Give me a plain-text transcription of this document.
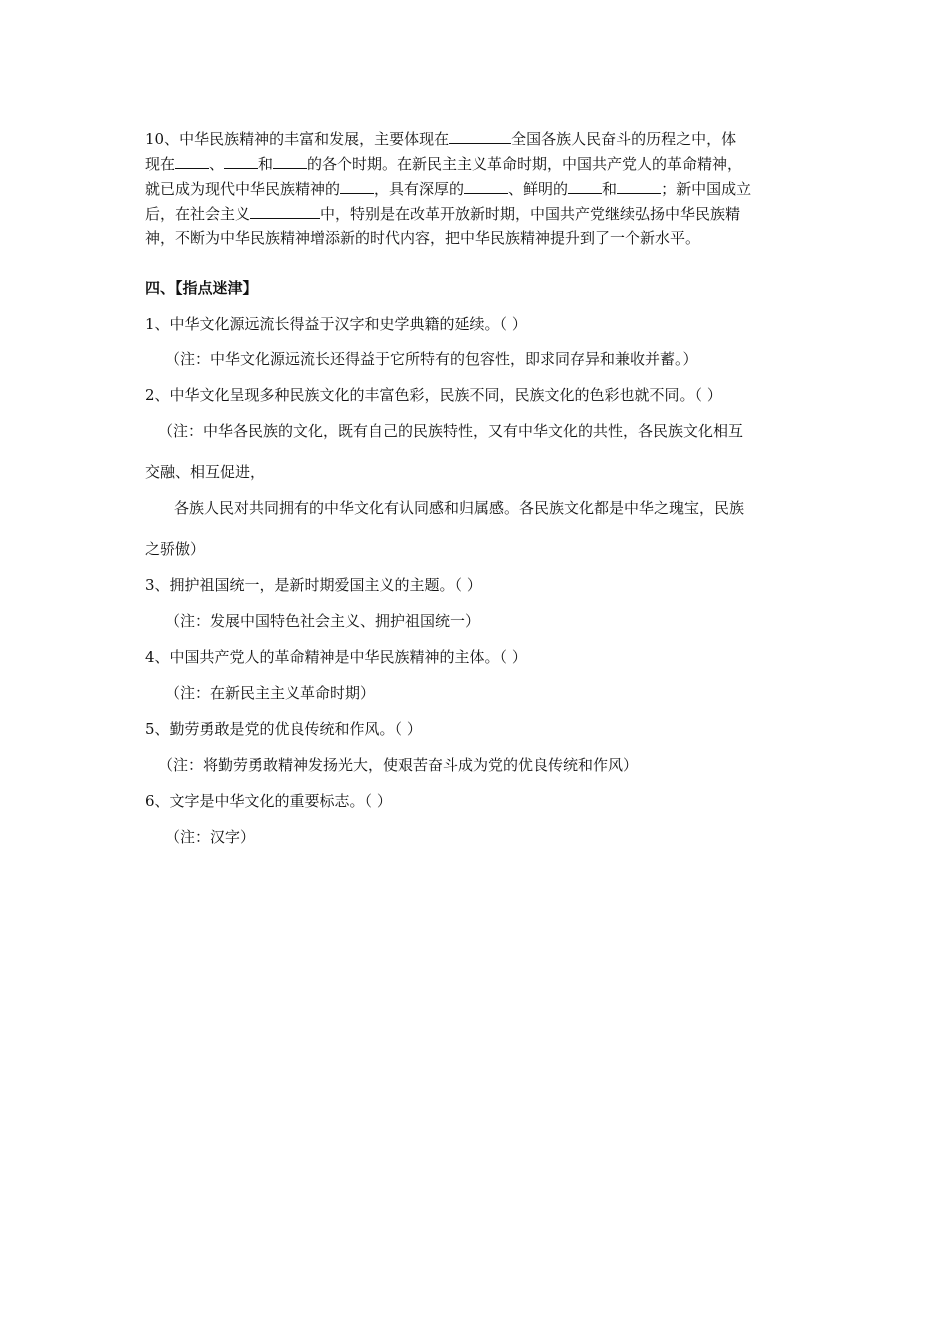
10、中华民族精神的丰富和发展，主要体现在	全国各族人民奋斗的历程之中，体
现在 、 和 的各个时期。在新民主主义革命时期，中国共产党人的革命精神，
就已成为现代中华民族精神的 ，具有深厚的	、鲜明的 和	；新中国成立
后，在社会主义	中，特别是在改革开放新时期，中国共产党继续弘扬中华民族精
神，不断为中华民族精神增添新的时代内容，把中华民族精神提升到了一个新水平。
四、【指点迷津】
1、中华文化源远流长得益于汉字和史学典籍的延续。（ ）
（注：中华文化源远流长还得益于它所特有的包容性，即求同存异和兼收并蓄。）
2、中华文化呈现多种民族文化的丰富色彩，民族不同，民族文化的色彩也就不同。（ ）
（注：中华各民族的文化，既有自己的民族特性，又有中华文化的共性，各民族文化相互
交融、相互促进，
各族人民对共同拥有的中华文化有认同感和归属感。各民族文化都是中华之瑰宝，民族
之骄傲）
3、拥护祖国统一，是新时期爱国主义的主题。（ ）
（注：发展中国特色社会主义、拥护祖国统一）
4、中国共产党人的革命精神是中华民族精神的主体。（ ）
（注：在新民主主义革命时期）
5、勤劳勇敢是党的优良传统和作风。（ ）
（注：将勤劳勇敢精神发扬光大，使艰苦奋斗成为党的优良传统和作风）
6、文字是中华文化的重要标志。（ ）
（注：汉字）
